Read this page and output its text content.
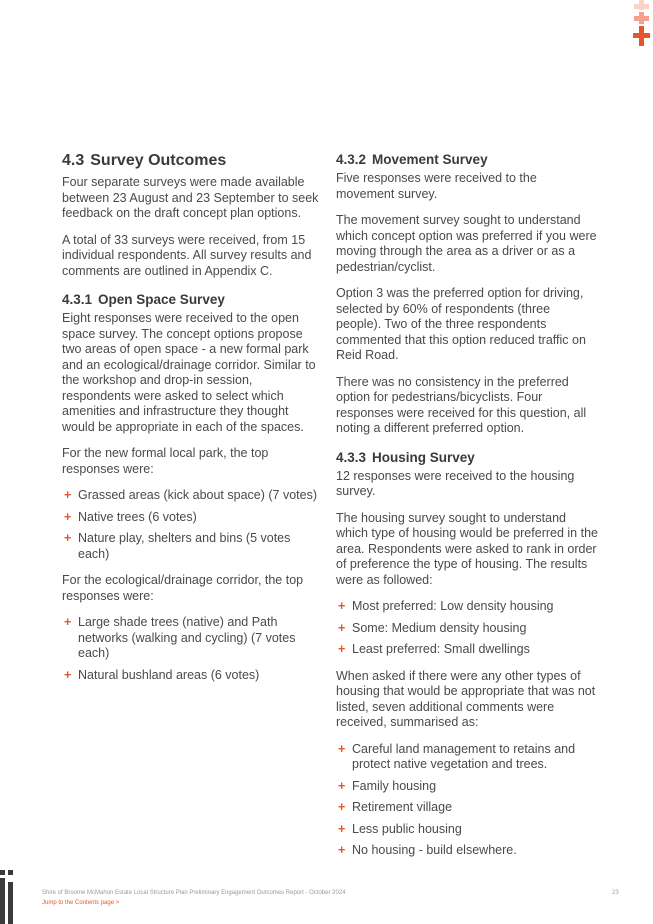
4.3 Survey Outcomes

Four separate surveys were made available between 23 August and 23 September to seek feedback on the draft concept plan options.

A total of 33 surveys were received, from 15 individual respondents. All survey results and comments are outlined in Appendix C.

4.3.1 Open Space Survey

Eight responses were received to the open space survey. The concept options propose two areas of open space - a new formal park and an ecological/drainage corridor. Similar to the workshop and drop-in session, respondents were asked to select which amenities and infrastructure they thought would be appropriate in each of the spaces.

For the new formal local park, the top responses were:

+ Grassed areas (kick about space) (7 votes)
+ Native trees (6 votes)
+ Nature play, shelters and bins (5 votes each)

For the ecological/drainage corridor, the top responses were:

+ Large shade trees (native) and Path networks (walking and cycling) (7 votes each)
+ Natural bushland areas (6 votes)
4.3.2 Movement Survey

Five responses were received to the movement survey.

The movement survey sought to understand which concept option was preferred if you were moving through the area as a driver or as a pedestrian/cyclist.

Option 3 was the preferred option for driving, selected by 60% of respondents (three people). Two of the three respondents commented that this option reduced traffic on Reid Road.

There was no consistency in the preferred option for pedestrians/bicyclists. Four responses were received for this question, all noting a different preferred option.

4.3.3 Housing Survey

12 responses were received to the housing survey.

The housing survey sought to understand which type of housing would be preferred in the area. Respondents were asked to rank in order of preference the type of housing. The results were as followed:

+ Most preferred: Low density housing
+ Some: Medium density housing
+ Least preferred: Small dwellings

When asked if there were any other types of housing that would be appropriate that was not listed, seven additional comments were received, summarised as:

+ Careful land management to retains and protect native vegetation and trees.
+ Family housing
+ Retirement village
+ Less public housing
+ No housing - build elsewhere.
Shire of Broome McMahon Estate Local Structure Plan Preliminary Engagement Outcomes Report - October 2024
Jump to the Contents page >
23
